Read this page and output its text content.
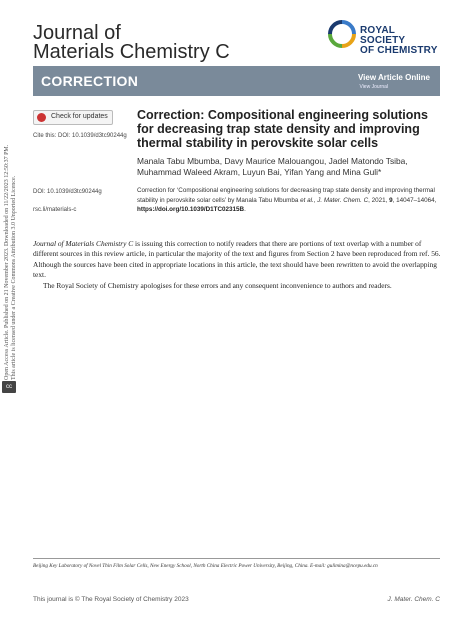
Journal of
Materials Chemistry C
ROYAL SOCIETY
OF CHEMISTRY
CORRECTION	View Article Online
View Journal
Open Access Article. Published on 21 November 2023. Downloaded on 11/22/2023 12:50:37 PM. This article is licensed under a Creative Commons Attribution 3.0 Unported Licence.
cc
Check for updates
Cite this: DOI: 10.1039/d3tc90244g
DOI: 10.1039/d3tc90244g
rsc.li/materials-c
Correction: Compositional engineering solutions for decreasing trap state density and improving thermal stability in perovskite solar cells
Manala Tabu Mbumba, Davy Maurice Malouangou, Jadel Matondo Tsiba, Muhammad Waleed Akram, Luyun Bai, Yifan Yang and Mina Guli*
Correction for ‘Compositional engineering solutions for decreasing trap state density and improving thermal stability in perovskite solar cells’ by Manala Tabu Mbumba et al., J. Mater. Chem. C, 2021, 9, 14047–14064, https://doi.org/10.1039/D1TC02315B.

Journal of Materials Chemistry C is issuing this correction to notify readers that there are portions of text overlap with a number of different sources in this review article, in particular the majority of the text and figures from Section 2 have been reproduced from ref. 56. Although the sources have been cited in appropriate locations in this article, the text should have been rewritten to avoid the overlapping text.

The Royal Society of Chemistry apologises for these errors and any consequent inconvenience to authors and readers.

Beijing Key Laboratory of Novel Thin Film Solar Cells, New Energy School, North China Electric Power University, Beijing, China. E-mail: gulimina@ncepu.edu.cn
This journal is © The Royal Society of Chemistry 2023	J. Mater. Chem. C
